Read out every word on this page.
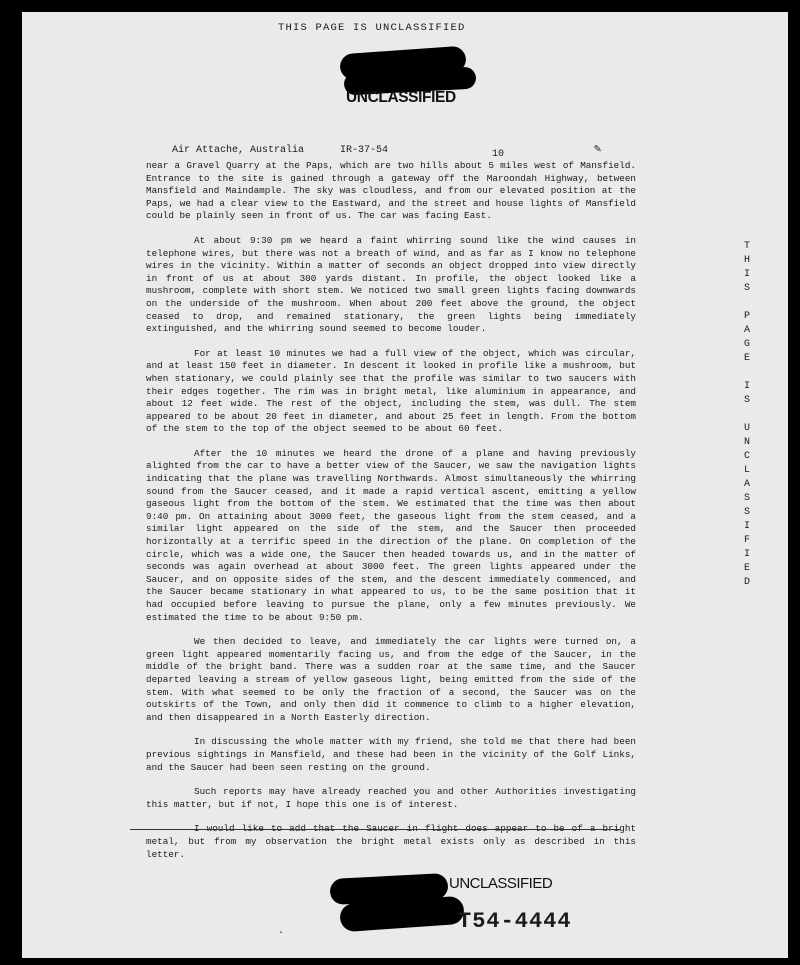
THIS PAGE IS UNCLASSIFIED
UNCLASSIFIED
Air Attache, Australia	IR-37-54	10	✎

near a Gravel Quarry at the Paps, which are two hills about 5 miles west of Mansfield. Entrance to the site is gained through a gateway off the Maroondah Highway, between Mansfield and Maindample. The sky was cloudless, and from our elevated position at the Paps, we had a clear view to the Eastward, and the street and house lights of Mansfield could be plainly seen in front of us. The car was facing East.

At about 9:30 pm we heard a faint whirring sound like the wind causes in telephone wires, but there was not a breath of wind, and as far as I know no telephone wires in the vicinity. Within a matter of seconds an object dropped into view directly in front of us at about 300 yards distant. In profile, the object looked like a mushroom, complete with short stem. We noticed two small green lights facing downwards on the underside of the mushroom. When about 200 feet above the ground, the object ceased to drop, and remained stationary, the green lights being immediately extinguished, and the whirring sound seemed to become louder.

For at least 10 minutes we had a full view of the object, which was circular, and at least 150 feet in diameter. In descent it looked in profile like a mushroom, but when stationary, we could plainly see that the profile was similar to two saucers with their edges together. The rim was in bright metal, like aluminium in appearance, and about 12 feet wide. The rest of the object, including the stem, was dull. The stem appeared to be about 20 feet in diameter, and about 25 feet in length. From the bottom of the stem to the top of the object seemed to be about 60 feet.

After the 10 minutes we heard the drone of a plane and having previously alighted from the car to have a better view of the Saucer, we saw the navigation lights indicating that the plane was travelling Northwards. Almost simultaneously the whirring sound from the Saucer ceased, and it made a rapid vertical ascent, emitting a yellow gaseous light from the bottom of the stem. We estimated that the time was then about 9:40 pm. On attaining about 3000 feet, the gaseous light from the stem ceased, and a similar light appeared on the side of the stem, and the Saucer then proceeded horizontally at a terrific speed in the direction of the plane. On completion of the circle, which was a wide one, the Saucer then headed towards us, and in the matter of seconds was again overhead at about 3000 feet. The green lights appeared under the Saucer, and on opposite sides of the stem, and the descent immediately commenced, and the Saucer became stationary in what appeared to us, to be the same position that it had occupied before leaving to pursue the plane, only a few minutes previously. We estimated the time to be about 9:50 pm.

We then decided to leave, and immediately the car lights were turned on, a green light appeared momentarily facing us, and from the edge of the Saucer, in the middle of the bright band. There was a sudden roar at the same time, and the Saucer departed leaving a stream of yellow gaseous light, being emitted from the side of the stem. With what seemed to be only the fraction of a second, the Saucer was on the outskirts of the Town, and only then did it commence to climb to a higher elevation, and then disappeared in a North Easterly direction.

In discussing the whole matter with my friend, she told me that there had been previous sightings in Mansfield, and these had been in the vicinity of the Golf Links, and the Saucer had been seen resting on the ground.

Such reports may have already reached you and other Authorities investigating this matter, but if not, I hope this one is of interest.

I would like to add that the Saucer in flight does appear to be of a bright metal, but from my observation the bright metal exists only as described in this letter.

T
H
I
S
P
A
G
E
I
S
U
N
C
L
A
S
S
I
F
I
E
D
UNCLASSIFIED
T54-4444
·
